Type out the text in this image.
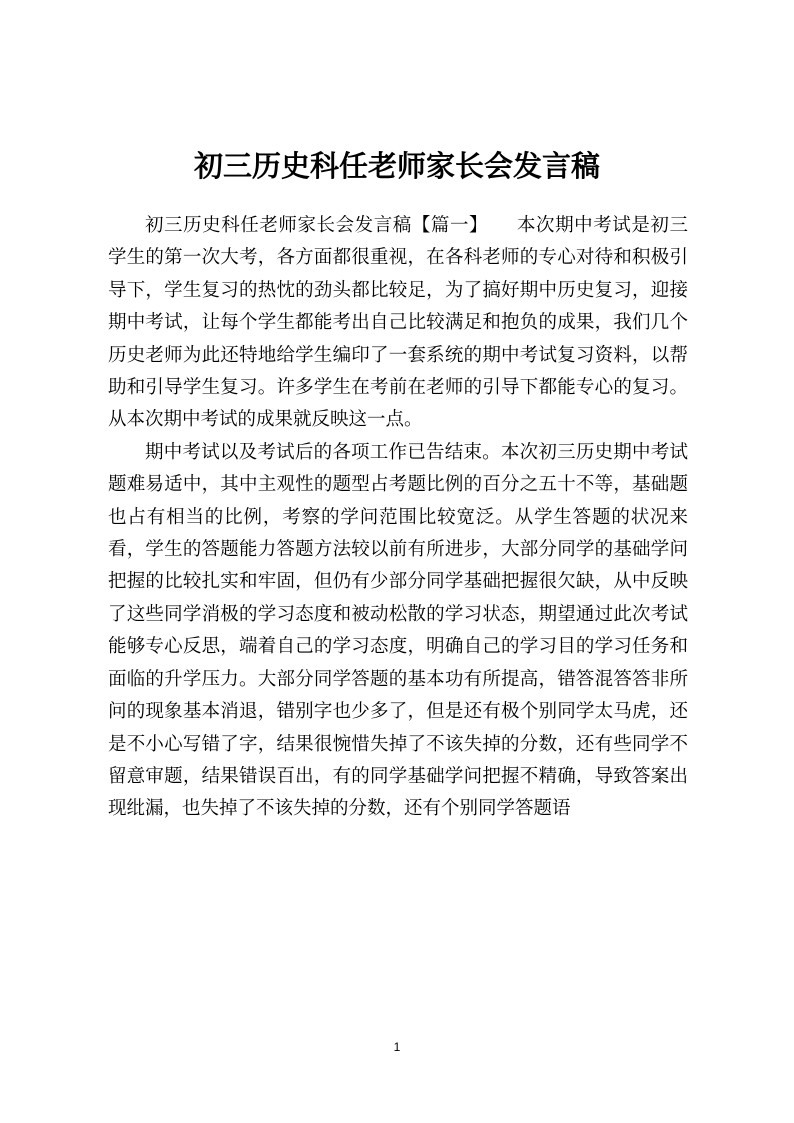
初三历史科任老师家长会发言稿

初三历史科任老师家长会发言稿【篇一】　　本次期中考试是初三学生的第一次大考，各方面都很重视，在各科老师的专心对待和积极引导下，学生复习的热忱的劲头都比较足，为了搞好期中历史复习，迎接期中考试，让每个学生都能考出自己比较满足和抱负的成果，我们几个历史老师为此还特地给学生编印了一套系统的期中考试复习资料，以帮助和引导学生复习。许多学生在考前在老师的引导下都能专心的复习。从本次期中考试的成果就反映这一点。

期中考试以及考试后的各项工作已告结束。本次初三历史期中考试题难易适中，其中主观性的题型占考题比例的百分之五十不等，基础题也占有相当的比例，考察的学问范围比较宽泛。从学生答题的状况来看，学生的答题能力答题方法较以前有所进步，大部分同学的基础学问把握的比较扎实和牢固，但仍有少部分同学基础把握很欠缺，从中反映了这些同学消极的学习态度和被动松散的学习状态，期望通过此次考试能够专心反思，端着自己的学习态度，明确自己的学习目的学习任务和面临的升学压力。大部分同学答题的基本功有所提高，错答混答答非所问的现象基本消退，错别字也少多了，但是还有极个别同学太马虎，还是不小心写错了字，结果很惋惜失掉了不该失掉的分数，还有些同学不留意审题，结果错误百出，有的同学基础学问把握不精确，导致答案出现纰漏，也失掉了不该失掉的分数，还有个别同学答题语

1
